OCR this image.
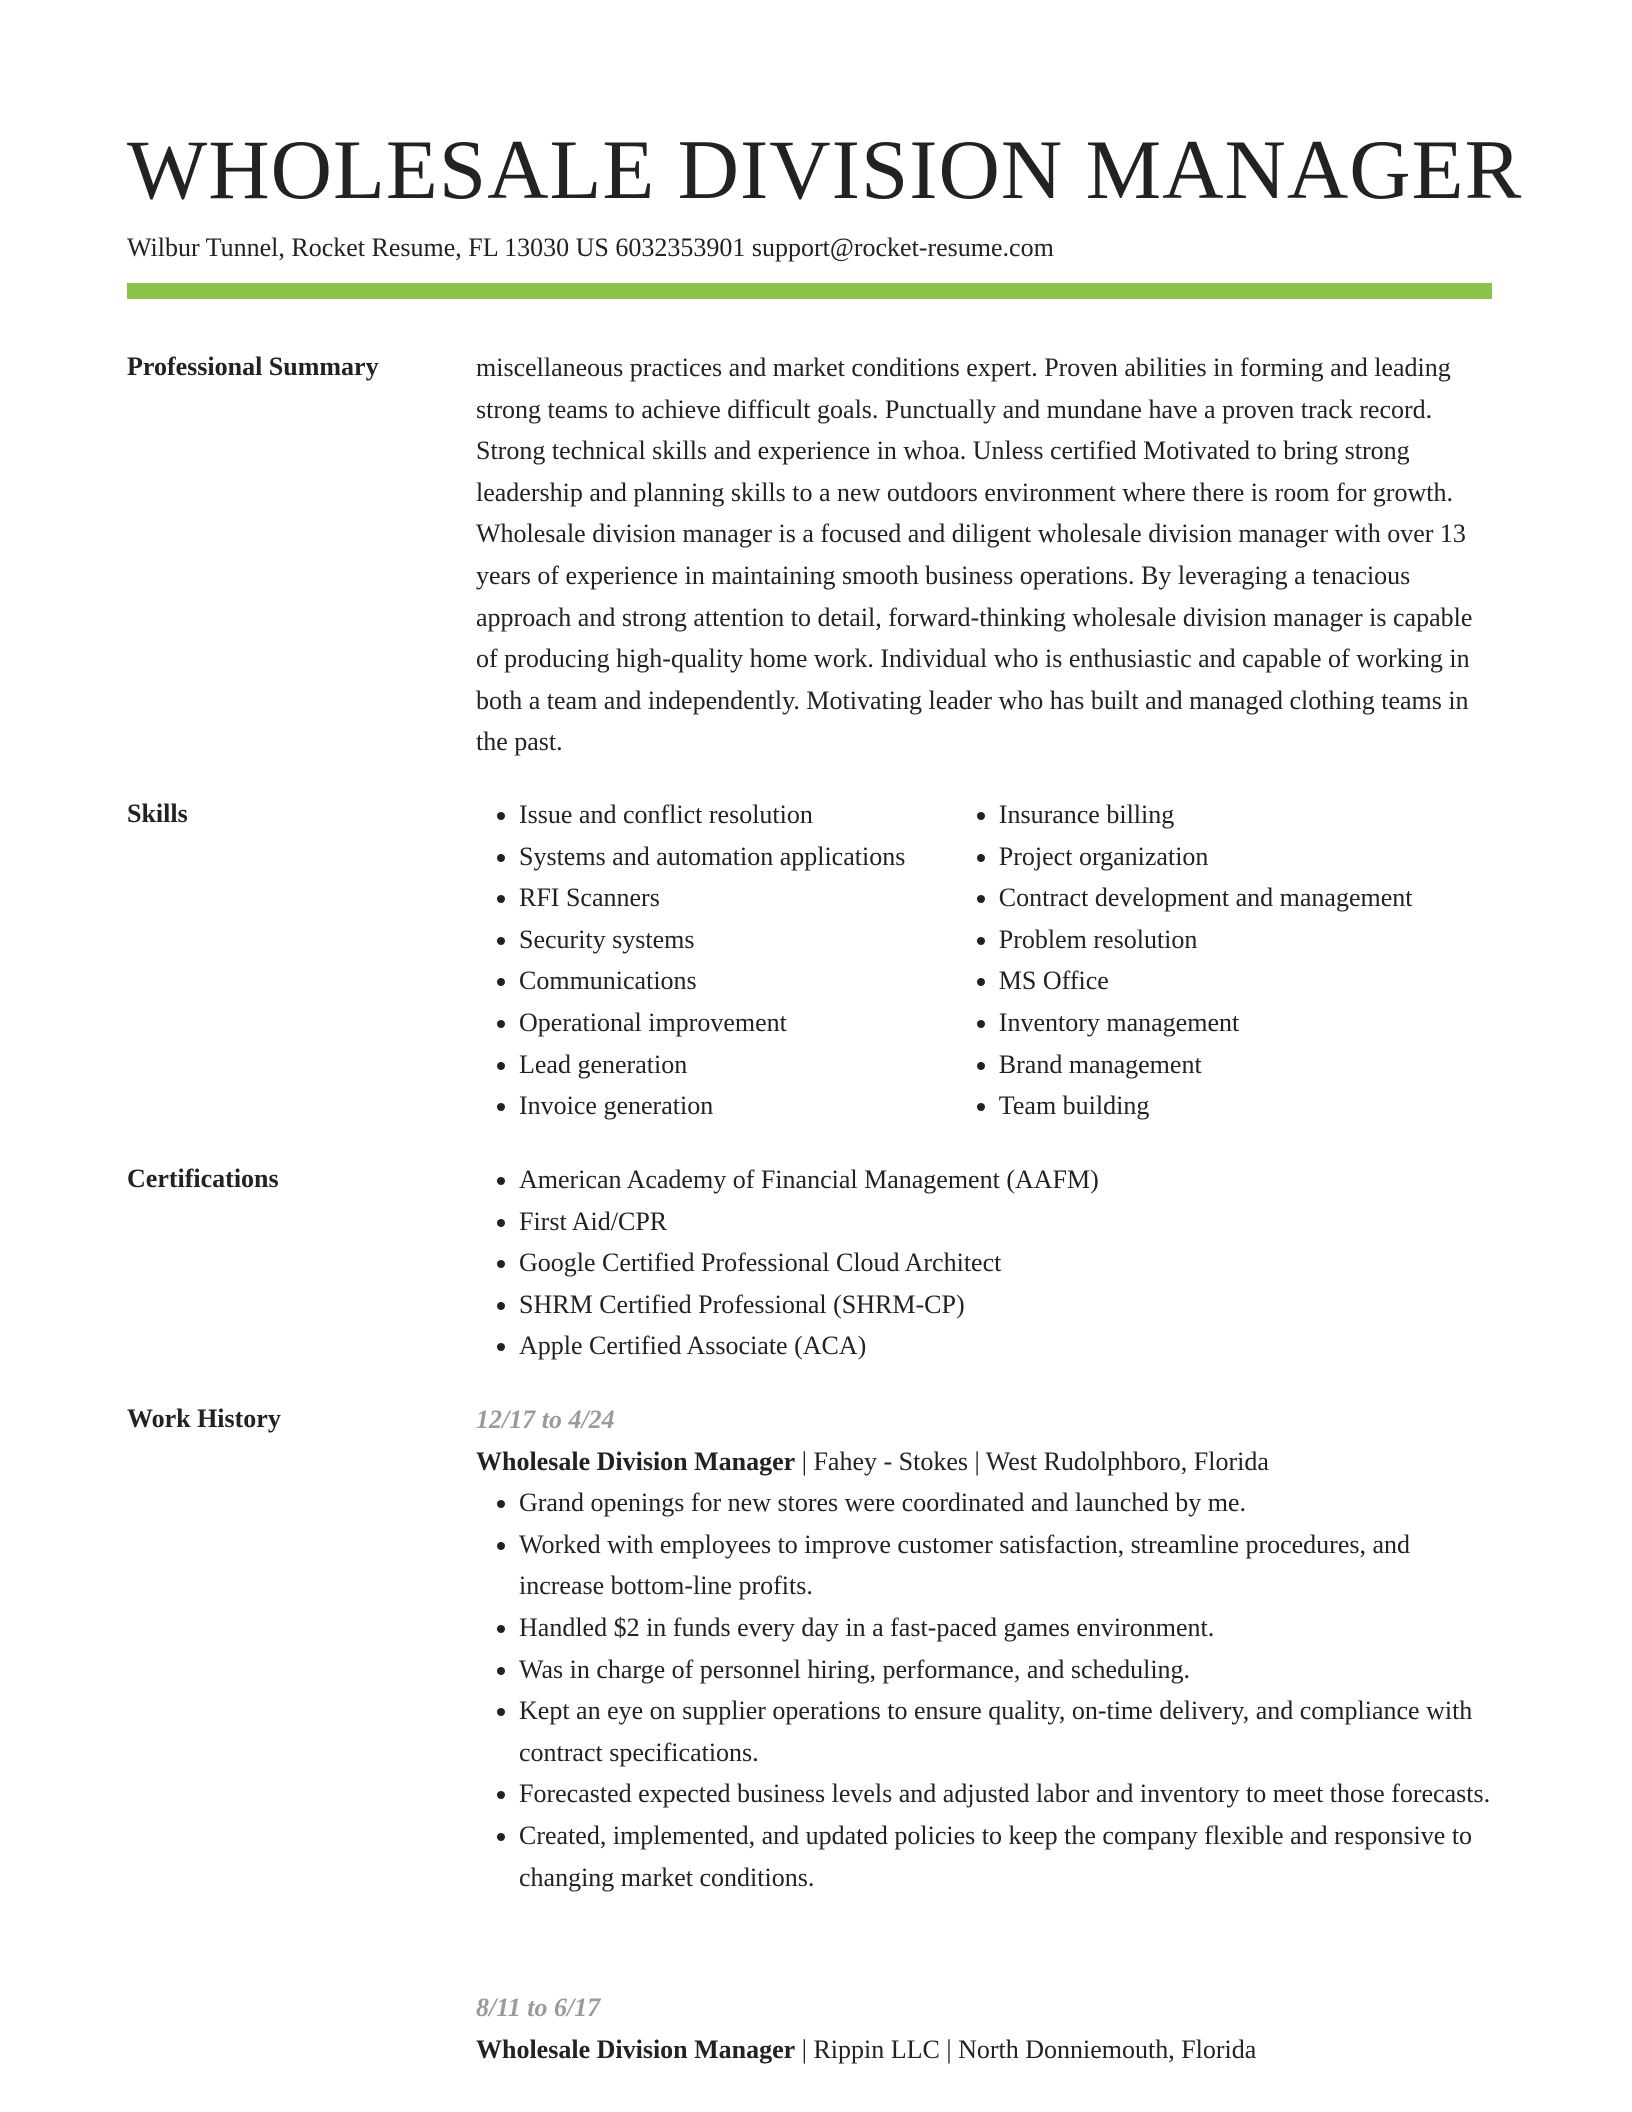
WHOLESALE DIVISION MANAGER
Wilbur Tunnel, Rocket Resume, FL 13030 US 6032353901 support@rocket-resume.com
Professional Summary	miscellaneous practices and market conditions expert. Proven abilities in forming and leading strong teams to achieve difficult goals. Punctually and mundane have a proven track record. Strong technical skills and experience in whoa. Unless certified Motivated to bring strong leadership and planning skills to a new outdoors environment where there is room for growth. Wholesale division manager is a focused and diligent wholesale division manager with over 13 years of experience in maintaining smooth business operations. By leveraging a tenacious approach and strong attention to detail, forward-thinking wholesale division manager is capable of producing high-quality home work. Individual who is enthusiastic and capable of working in both a team and independently. Motivating leader who has built and managed clothing teams in the past.

Skills	• Issue and conflict resolution
• Systems and automation applications
• RFI Scanners
• Security systems
• Communications
• Operational improvement
• Lead generation
• Invoice generation
• Insurance billing
• Project organization
• Contract development and management
• Problem resolution
• MS Office
• Inventory management
• Brand management
• Team building
Certifications	• American Academy of Financial Management (AAFM)
• First Aid/CPR
• Google Certified Professional Cloud Architect
• SHRM Certified Professional (SHRM-CP)
• Apple Certified Associate (ACA)
Work History	12/17 to 4/24
Wholesale Division Manager | Fahey - Stokes | West Rudolphboro, Florida
• Grand openings for new stores were coordinated and launched by me.
• Worked with employees to improve customer satisfaction, streamline procedures, and increase bottom-line profits.
• Handled $2 in funds every day in a fast-paced games environment.
• Was in charge of personnel hiring, performance, and scheduling.
• Kept an eye on supplier operations to ensure quality, on-time delivery, and compliance with contract specifications.
• Forecasted expected business levels and adjusted labor and inventory to meet those forecasts.
• Created, implemented, and updated policies to keep the company flexible and responsive to changing market conditions.
8/11 to 6/17
Wholesale Division Manager | Rippin LLC | North Donniemouth, Florida
